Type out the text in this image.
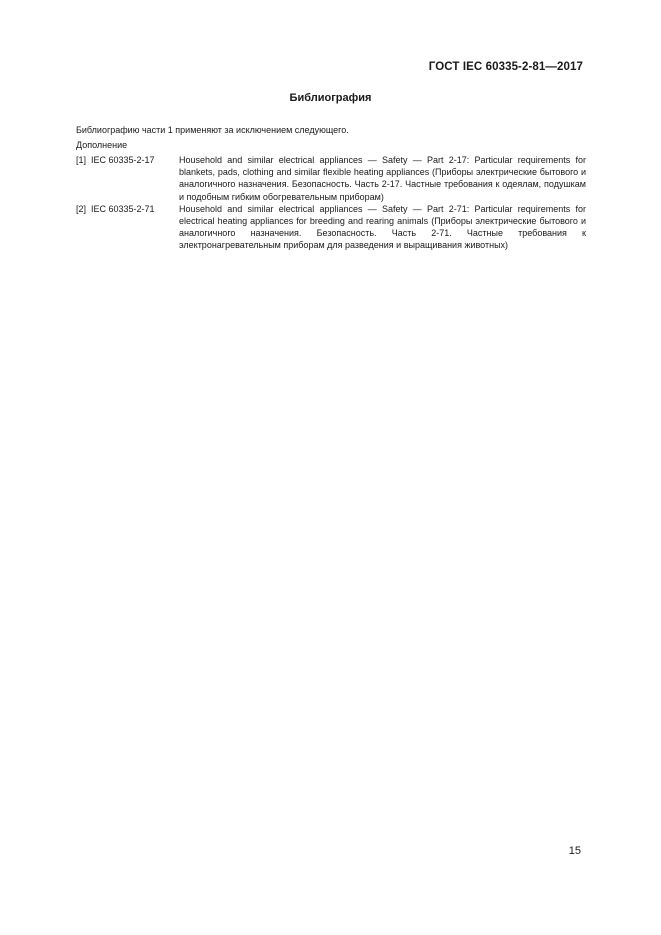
ГОСТ IEC 60335-2-81—2017
Библиография
Библиографию части 1 применяют за исключением следующего.
Дополнение
[1] IEC 60335-2-17	Household and similar electrical appliances — Safety — Part 2-17: Particular requirements for blankets, pads, clothing and similar flexible heating appliances (Приборы электрические бытового и аналогичного назначения. Безопасность. Часть 2-17. Частные требования к одеялам, подушкам и подобным гибким обогревательным приборам)
[2] IEC 60335-2-71	Household and similar electrical appliances — Safety — Part 2-71: Particular requirements for electrical heating appliances for breeding and rearing animals (Приборы электрические бытового и аналогичного назначения. Безопасность. Часть 2-71. Частные требования к электронагревательным приборам для разведения и выращивания животных)
15
